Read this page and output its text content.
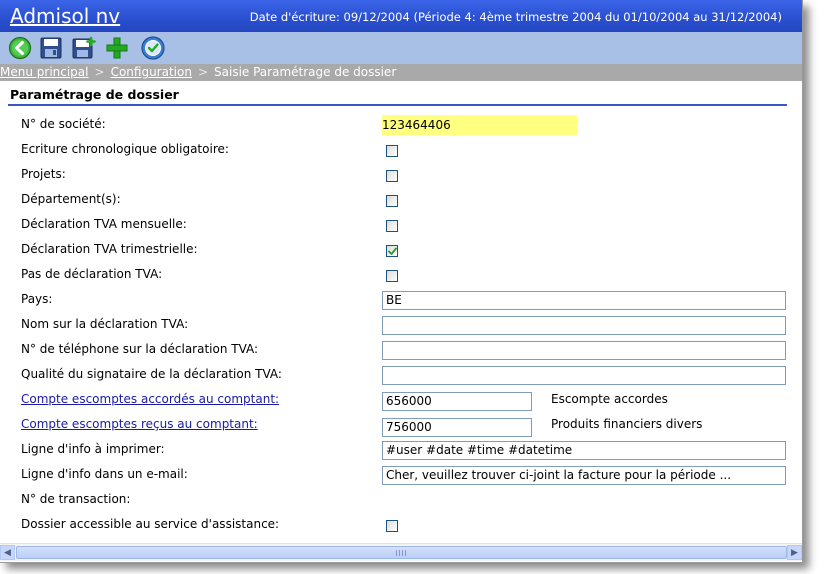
Admisol nv	Date d'écriture: 09/12/2004 (Période 4: 4ème trimestre 2004 du 01/10/2004 au 31/12/2004)
Menu principal > Configuration > Saisie Paramétrage de dossier
Paramétrage de dossier
N° de société:	123464406
Ecriture chronologique obligatoire:
Projets:
Département(s):
Déclaration TVA mensuelle:
Déclaration TVA trimestrielle:
Pas de déclaration TVA:
Pays:	BE
Nom sur la déclaration TVA:
N° de téléphone sur la déclaration TVA:
Qualité du signataire de la déclaration TVA:
Compte escomptes accordés au comptant:	656000	Escompte accordes
Compte escomptes reçus au comptant:	756000	Produits financiers divers
Ligne d'info à imprimer:	#user #date #time #datetime
Ligne d'info dans un e-mail:	Cher, veuillez trouver ci-joint la facture pour la période ...
N° de transaction:
Dossier accessible au service d'assistance:
◀	▶
